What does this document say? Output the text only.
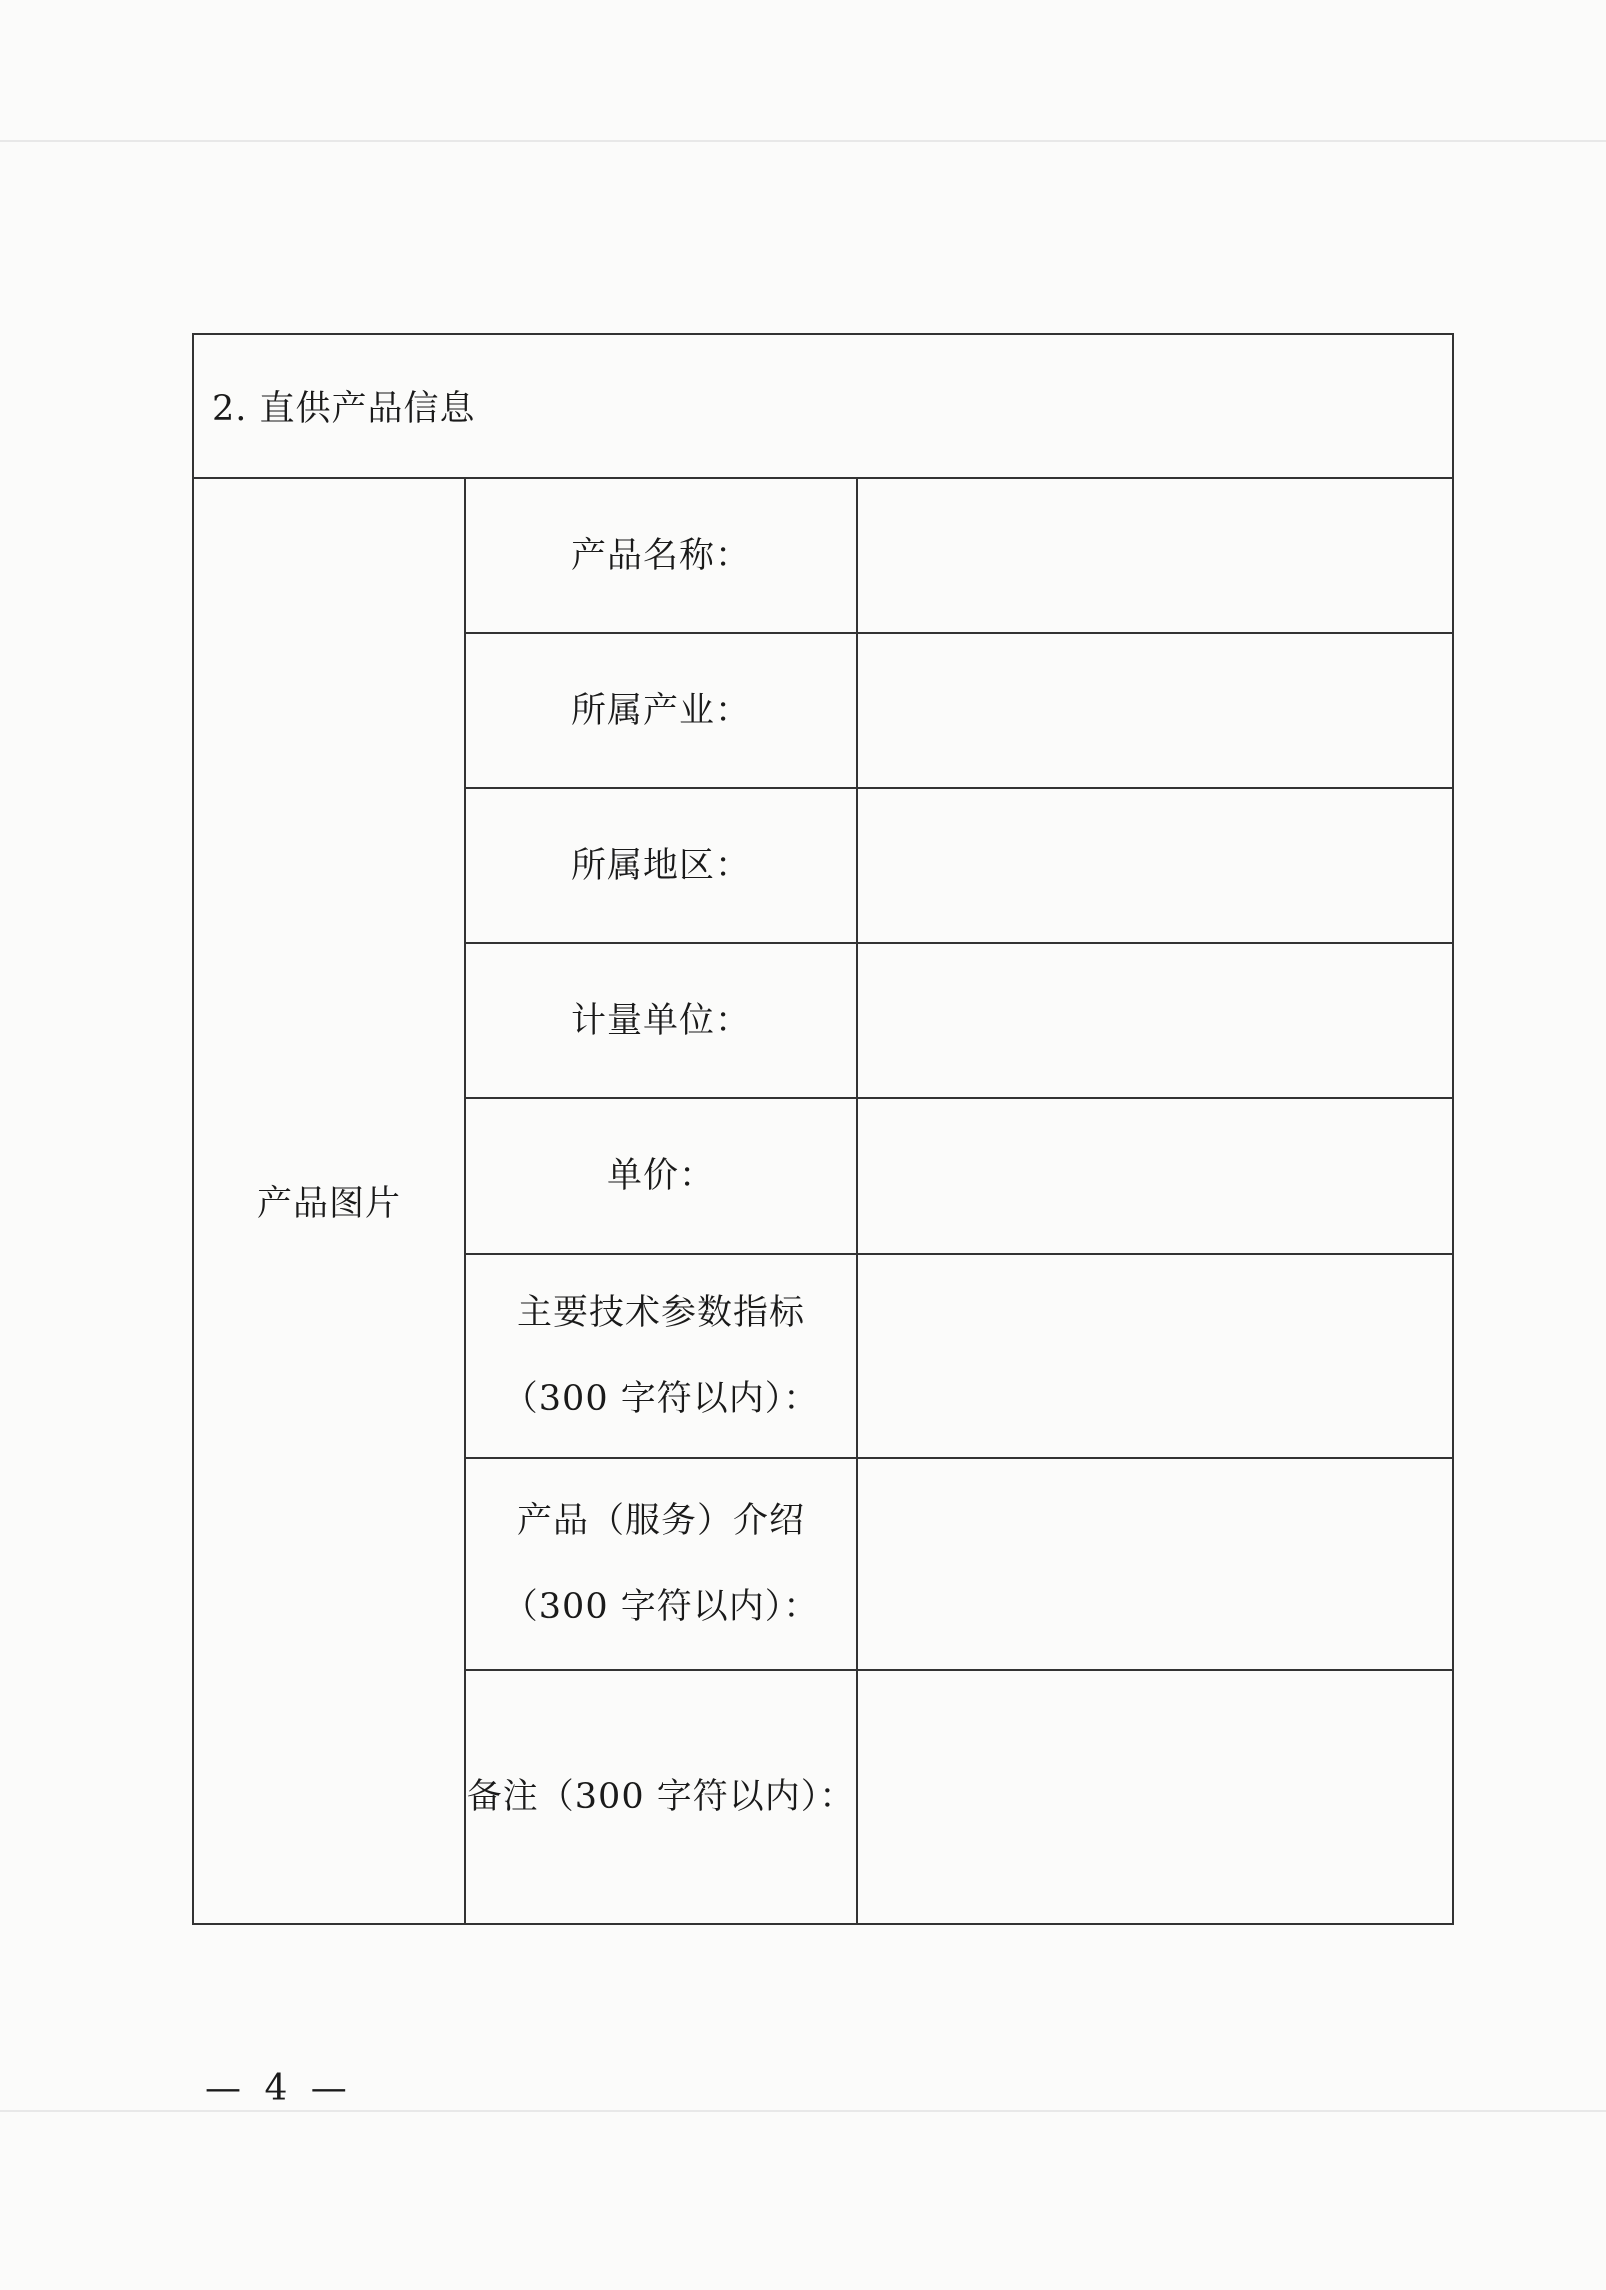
2. 直供产品信息		
产品图片	产品名称：	

	所属产业：	

	所属地区：	

	计量单位：	

	单价：	

	主要技术参数指标
（300 字符以内）：	

	产品（服务）介绍
（300 字符以内）：	

	备注（300 字符以内）：	

— 4 —
